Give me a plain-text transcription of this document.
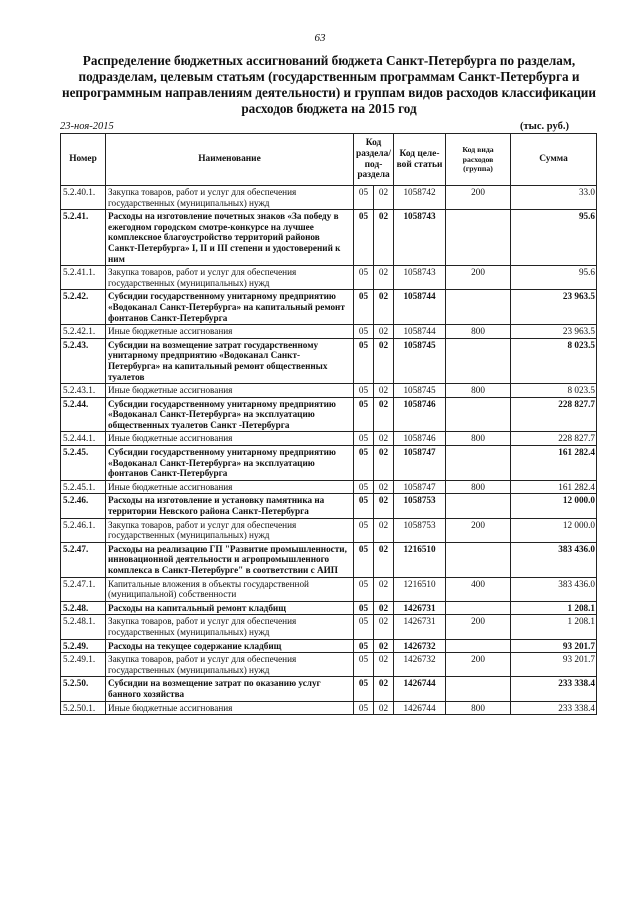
63
Распределение бюджетных ассигнований бюджета Санкт-Петербурга по разделам, подразделам, целевым статьям (государственным программам Санкт-Петербурга и непрограммным направлениям деятельности) и группам видов расходов классификации расходов бюджета на 2015 год
23-ноя-2015	(тыс. руб.)
Номер	Наименование	Код раздела/ под- раздела		Код целе- вой статьи	Код вида расходов (группа)	Сумма
5.2.40.1.	Закупка товаров, работ и услуг для обеспечения государственных (муниципальных) нужд	05	02	1058742	200	33.0
5.2.41.	Расходы на изготовление почетных знаков «За победу в ежегодном городском смотре-конкурсе на лучшее комплексное благоустройство территорий районов Санкт-Петербурга» I, II и III степени и удостоверений к ним	05	02	1058743		95.6
5.2.41.1.	Закупка товаров, работ и услуг для обеспечения государственных (муниципальных) нужд	05	02	1058743	200	95.6
5.2.42.	Субсидии государственному унитарному предприятию «Водоканал Санкт-Петербурга» на капитальный ремонт фонтанов Санкт-Петербурга	05	02	1058744		23 963.5
5.2.42.1.	Иные бюджетные ассигнования	05	02	1058744	800	23 963.5
5.2.43.	Субсидии на возмещение затрат государственному унитарному предприятию «Водоканал Санкт-Петербурга» на капитальный ремонт общественных туалетов	05	02	1058745		8 023.5
5.2.43.1.	Иные бюджетные ассигнования	05	02	1058745	800	8 023.5
5.2.44.	Субсидии государственному унитарному предприятию «Водоканал Санкт-Петербурга» на эксплуатацию общественных туалетов Санкт -Петербурга	05	02	1058746		228 827.7
5.2.44.1.	Иные бюджетные ассигнования	05	02	1058746	800	228 827.7
5.2.45.	Субсидии государственному унитарному предприятию «Водоканал Санкт-Петербурга» на эксплуатацию фонтанов Санкт-Петербурга	05	02	1058747		161 282.4
5.2.45.1.	Иные бюджетные ассигнования	05	02	1058747	800	161 282.4
5.2.46.	Расходы на изготовление и установку памятника на территории Невского района Санкт-Петербурга	05	02	1058753		12 000.0
5.2.46.1.	Закупка товаров, работ и услуг для обеспечения государственных (муниципальных) нужд	05	02	1058753	200	12 000.0
5.2.47.	Расходы на реализацию ГП "Развитие промышленности, инновационной деятельности и агропромышленного комплекса в Санкт-Петербурге" в соответствии с АИП	05	02	1216510		383 436.0
5.2.47.1.	Капитальные вложения в объекты государственной (муниципальной) собственности	05	02	1216510	400	383 436.0
5.2.48.	Расходы на капитальный ремонт кладбищ	05	02	1426731		1 208.1
5.2.48.1.	Закупка товаров, работ и услуг для обеспечения государственных (муниципальных) нужд	05	02	1426731	200	1 208.1
5.2.49.	Расходы на текущее содержание кладбищ	05	02	1426732		93 201.7
5.2.49.1.	Закупка товаров, работ и услуг для обеспечения государственных (муниципальных) нужд	05	02	1426732	200	93 201.7
5.2.50.	Субсидии на возмещение затрат по оказанию услуг банного хозяйства	05	02	1426744		233 338.4
5.2.50.1.	Иные бюджетные ассигнования	05	02	1426744	800	233 338.4
